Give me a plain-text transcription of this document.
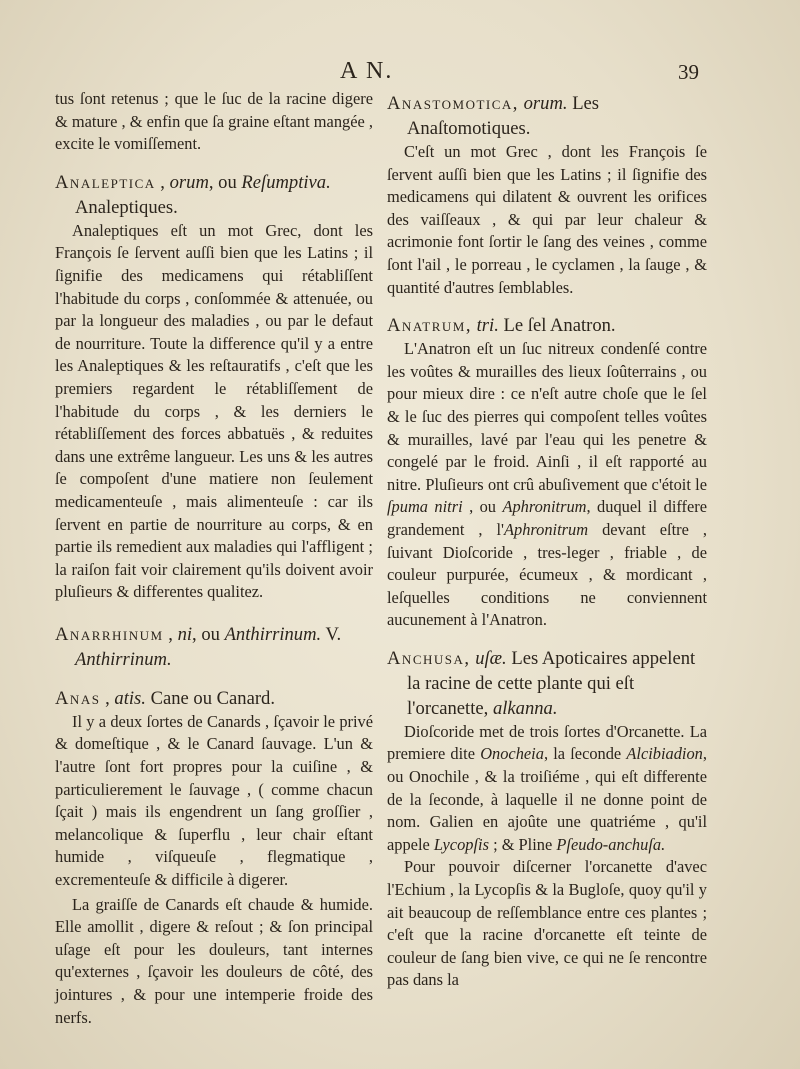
A N.	39

tus ſont retenus ; que le ſuc de la racine digere & mature , & enfin que ſa graine eſtant mangée , excite le vomiſſement.

Analeptica , orum, ou Reſumptiva. Analeptiques.

Analeptiques eſt un mot Grec, dont les François ſe ſervent auſſi bien que les Latins ; il ſignifie des medicamens qui rétabliſſent l'habitude du corps , conſommée & attenuée, ou par la longueur des maladies , ou par le defaut de nourriture. Toute la difference qu'il y a entre les Analeptiques & les reſtauratifs , c'eſt que les premiers regardent le rétabliſſement de l'habitude du corps , & les derniers le rétabliſſement des forces abbatuës , & reduites dans une extrême langueur. Les uns & les autres ſe compoſent d'une matiere non ſeulement medicamenteuſe , mais alimenteuſe : car ils ſervent en partie de nourriture au corps, & en partie ils remedient aux maladies qui l'affligent ; la raiſon fait voir clairement qu'ils doivent avoir pluſieurs & differentes qualitez.

Anarrhinum , ni, ou Anthirrinum. V. Anthirrinum.

Anas , atis. Cane ou Canard.

Il y a deux ſortes de Canards , ſçavoir le privé & domeſtique , & le Canard ſauvage. L'un & l'autre ſont fort propres pour la cuiſine , & particulierement le ſauvage , ( comme chacun ſçait ) mais ils engendrent un ſang groſſier , melancolique & ſuperflu , leur chair eſtant humide , viſqueuſe , flegmatique , excrementeuſe & difficile à digerer.

La graiſſe de Canards eſt chaude & humide. Elle amollit , digere & reſout ; & ſon principal uſage eſt pour les douleurs, tant internes qu'externes , ſçavoir les douleurs de côté, des jointures , & pour une intemperie froide des nerfs.

Anastomotica, orum. Les Anaſtomotiques.

C'eſt un mot Grec , dont les François ſe ſervent auſſi bien que les Latins ; il ſignifie des medicamens qui dilatent & ouvrent les orifices des vaiſſeaux , & qui par leur chaleur & acrimonie font ſortir le ſang des veines , comme ſont l'ail , le porreau , le cyclamen , la ſauge , & quantité d'autres ſemblables.

Anatrum, tri. Le ſel Anatron.

L'Anatron eſt un ſuc nitreux condenſé contre les voûtes & murailles des lieux ſoûterrains , ou pour mieux dire : ce n'eſt autre choſe que le ſel & le ſuc des pierres qui compoſent telles voûtes & murailles, lavé par l'eau qui les penetre & congelé par le froid. Ainſi , il eſt rapporté au nitre. Pluſieurs ont crû abuſivement que c'étoit le ſpuma nitri , ou Aphronitrum, duquel il differe grandement , l'Aphronitrum devant eſtre , ſuivant Dioſcoride , tres-leger , friable , de couleur purpurée, écumeux , & mordicant , leſquelles conditions ne conviennent aucunement à l'Anatron.

Anchusa, uſæ. Les Apoticaires appelent la racine de cette plante qui eſt l'orcanette, alkanna.

Dioſcoride met de trois ſortes d'Orcanette. La premiere dite Onocheia, la ſeconde Alcibiadion, ou Onochile , & la troiſiéme , qui eſt differente de la ſeconde, à laquelle il ne donne point de nom. Galien en ajoûte une quatriéme , qu'il appele Lycopſis ; & Pline Pſeudo-anchuſa.

Pour pouvoir diſcerner l'orcanette d'avec l'Echium , la Lycopſis & la Bugloſe, quoy qu'il y ait beaucoup de reſſemblance entre ces plantes ; c'eſt que la racine d'orcanette eſt teinte de couleur de ſang bien vive, ce qui ne ſe rencontre pas dans la
